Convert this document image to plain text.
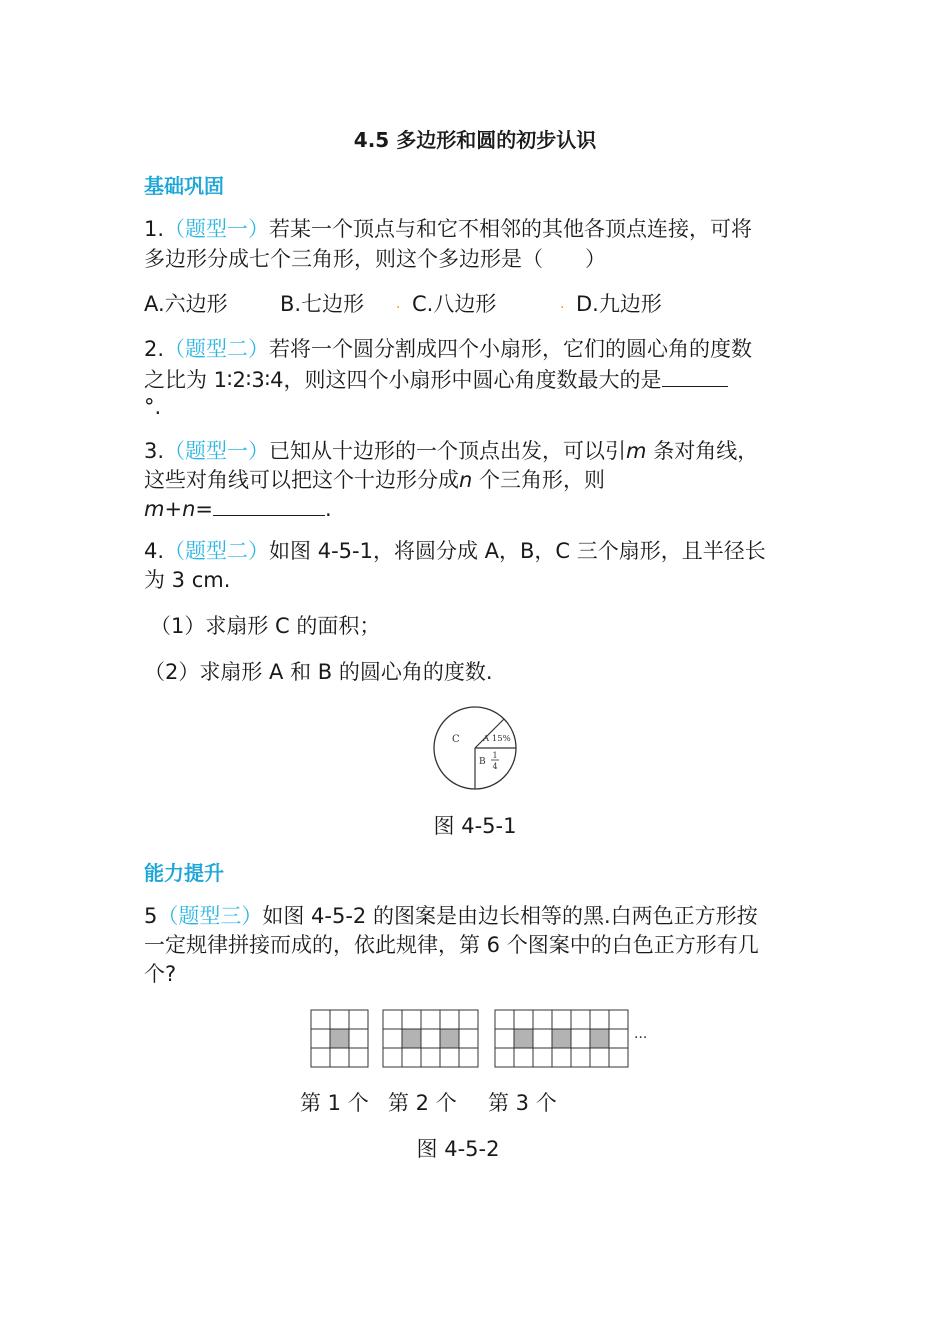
4.5 多边形和圆的初步认识
基础巩固
1.（题型一）若某一个顶点与和它不相邻的其他各顶点连接，可将
多边形分成七个三角形，则这个多边形是（　　）
A.六边形 B.七边形 . C.八边形	. D.九边形
2.（题型二）若将一个圆分割成四个小扇形，它们的圆心角的度数
之比为 1∶2∶3∶4，则这四个小扇形中圆心角度数最大的是
°.
3.（题型一）已知从十边形的一个顶点出发，可以引m 条对角线，
这些对角线可以把这个十边形分成n 个三角形，则
m+n=	.
4.（题型二）如图 4-5-1，将圆分成 A，B，C 三个扇形，且半径长
为 3 cm.
（1）求扇形 C 的面积；
（2）求扇形 A 和 B 的圆心角的度数.
C	A 15%
B
1
4
图 4-5-1
能力提升
5（题型三）如图 4-5-2 的图案是由边长相等的黑.白两色正方形按
一定规律拼接而成的，依此规律，第 6 个图案中的白色正方形有几
个?
···
第 1 个 第 2 个 第 3 个
图 4-5-2
